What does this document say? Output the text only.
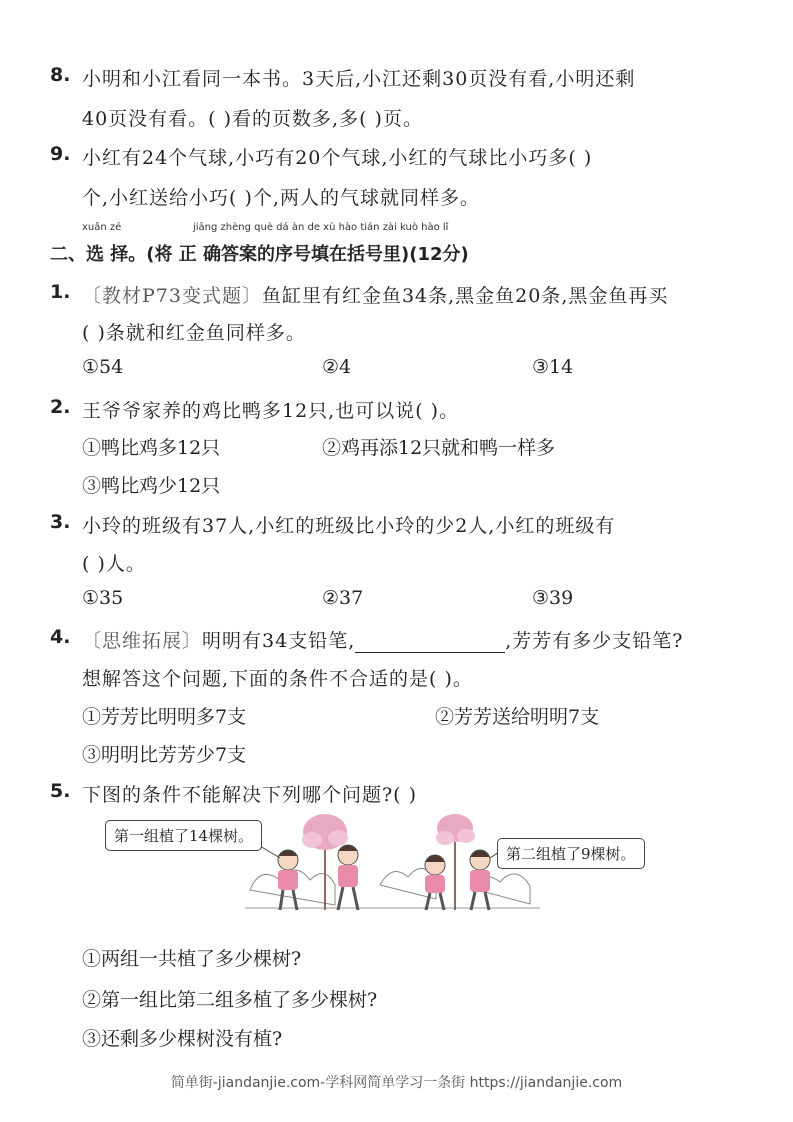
8. 小明和小江看同一本书。3天后,小江还剩30页没有看,小明还剩
40页没有看。( )看的页数多,多( )页。
9. 小红有24个气球,小巧有20个气球,小红的气球比小巧多( )
个,小红送给小巧( )个,两人的气球就同样多。
xuǎn zé	jiāng zhèng què dá àn de xù hào tián zài kuò hào lǐ
二、选 择。(将 正 确答案的序号填在括号里)(12分)
1. 〔教材P73变式题〕鱼缸里有红金鱼34条,黑金鱼20条,黑金鱼再买
( )条就和红金鱼同样多。
①54	②4	③14
2. 王爷爷家养的鸡比鸭多12只,也可以说( )。
①鸭比鸡多12只	②鸡再添12只就和鸭一样多
③鸭比鸡少12只
3. 小玲的班级有37人,小红的班级比小玲的少2人,小红的班级有
( )人。
①35	②37	③39
4. 〔思维拓展〕明明有34支铅笔,	,芳芳有多少支铅笔?
想解答这个问题,下面的条件不合适的是( )。
①芳芳比明明多7支	②芳芳送给明明7支
③明明比芳芳少7支
5. 下图的条件不能解决下列哪个问题?( )
第一组植了14棵树。
第二组植了9棵树。
①两组一共植了多少棵树?
②第一组比第二组多植了多少棵树?
③还剩多少棵树没有植?
简单街-jiandanjie.com-学科网简单学习一条街 https://jiandanjie.com
